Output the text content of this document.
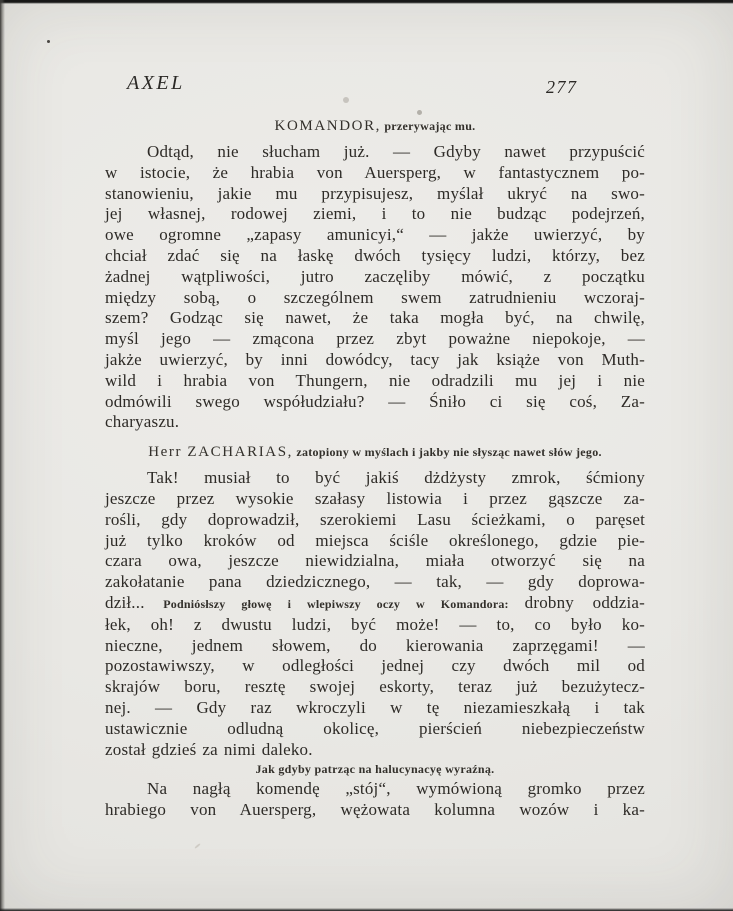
AXEL	277
KOMANDOR, przerywając mu.
Odtąd, nie słucham już. — Gdyby nawet przypuścić
w istocie, że hrabia von Auersperg, w fantastycznem po-
stanowieniu, jakie mu przypisujesz, myślał ukryć na swo-
jej własnej, rodowej ziemi, i to nie budząc podejrzeń,
owe ogromne „zapasy amunicyi,“ — jakże uwierzyć, by
chciał zdać się na łaskę dwóch tysięcy ludzi, którzy, bez
żadnej wątpliwości, jutro zaczęliby mówić, z początku
między sobą, o szczególnem swem zatrudnieniu wczoraj-
szem? Godząc się nawet, że taka mogła być, na chwilę,
myśl jego — zmącona przez zbyt poważne niepokoje, —
jakże uwierzyć, by inni dowódcy, tacy jak książe von Muth-
wild i hrabia von Thungern, nie odradzili mu jej i nie
odmówili swego współudziału? — Śniło ci się coś, Za-
charyaszu.
Herr ZACHARIAS, zatopiony w myślach i jakby nie słysząc nawet słów jego.
Tak! musiał to być jakiś dżdżysty zmrok, śćmiony
jeszcze przez wysokie szałasy listowia i przez gąszcze za-
rośli, gdy doprowadził, szerokiemi Lasu ścieżkami, o paręset
już tylko kroków od miejsca ściśle określonego, gdzie pie-
czara owa, jeszcze niewidzialna, miała otworzyć się na
zakołatanie pana dziedzicznego, — tak, — gdy doprowa-
dził... Podniósłszy głowę i wlepiwszy oczy w Komandora: drobny oddzia-
łek, oh! z dwustu ludzi, być może! — to, co było ko-
nieczne, jednem słowem, do kierowania zaprzęgami! —
pozostawiwszy, w odległości jednej czy dwóch mil od
skrajów boru, resztę swojej eskorty, teraz już bezużytecz-
nej. — Gdy raz wkroczyli w tę niezamieszkałą i tak
ustawicznie odludną okolicę, pierścień niebezpieczeństw
został gdzieś za nimi daleko.
Jak gdyby patrząc na halucynacyę wyraźną.
Na nagłą komendę „stój“, wymówioną gromko przez
hrabiego von Auersperg, wężowata kolumna wozów i ka-
